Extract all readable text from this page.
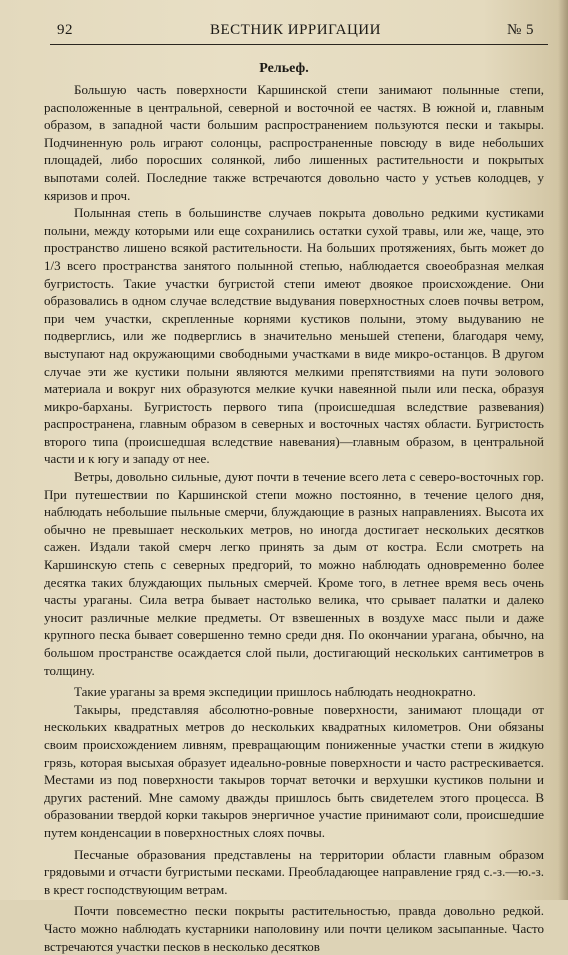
92	ВЕСТНИК ИРРИГАЦИИ	№ 5
Рельеф.

Большую часть поверхности Каршинской степи занимают полынные степи, расположенные в центральной, северной и восточной ее частях. В южной и, главным образом, в западной части большим распространением пользуются пески и такыры. Подчиненную роль играют солонцы, распространенные повсюду в виде небольших площадей, либо поросших солянкой, либо лишенных растительности и покрытых выпотами солей. Последние также встречаются довольно часто у устьев колодцев, у кяризов и проч.

Полынная степь в большинстве случаев покрыта довольно редкими кустиками полыни, между которыми или еще сохранились остатки сухой травы, или же, чаще, это пространство лишено всякой растительности. На больших протяжениях, быть может до 1/3 всего пространства занятого полынной степью, наблюдается своеобразная мелкая бугристость. Такие участки бугристой степи имеют двоякое происхождение. Они образовались в одном случае вследствие выдувания поверхностных слоев почвы ветром, при чем участки, скрепленные корнями кустиков полыни, этому выдуванию не подверглись, или же подверглись в значительно меньшей степени, благодаря чему, выступают над окружающими свободными участками в виде микро-останцов. В другом случае эти же кустики полыни являются мелкими препятствиями на пути эолового материала и вокруг них образуются мелкие кучки навеянной пыли или песка, образуя микро-барханы. Бугристость первого типа (происшедшая вследствие развевания) распространена, главным образом в северных и восточных частях области. Бугристость второго типа (происшедшая вследствие навевания)—главным образом, в центральной части и к югу и западу от нее.

Ветры, довольно сильные, дуют почти в течение всего лета с северо-восточных гор. При путешествии по Каршинской степи можно постоянно, в течение целого дня, наблюдать небольшие пыльные смерчи, блуждающие в разных направлениях. Высота их обычно не превышает нескольких метров, но иногда достигает нескольких десятков сажен. Издали такой смерч легко принять за дым от костра. Если смотреть на Каршинскую степь с северных предгорий, то можно наблюдать одновременно более десятка таких блуждающих пыльных смерчей. Кроме того, в летнее время весь очень часты ураганы. Сила ветра бывает настолько велика, что срывает палатки и далеко уносит различные мелкие предметы. От взвешенных в воздухе масс пыли и даже крупного песка бывает совершенно темно среди дня. По окончании урагана, обычно, на большом пространстве осаждается слой пыли, достигающий нескольких сантиметров в толщину.

Такие ураганы за время экспедиции пришлось наблюдать неоднократно.

Такыры, представляя абсолютно-ровные поверхности, занимают площади от нескольких квадратных метров до нескольких квадратных километров. Они обязаны своим происхождением ливням, превращающим пониженные участки степи в жидкую грязь, которая высыхая образует идеально-ровные поверхности и часто растрескивается. Местами из под поверхности такыров торчат веточки и верхушки кустиков полыни и других растений. Мне самому дважды пришлось быть свидетелем этого процесса. В образовании твердой корки такыров энергичное участие принимают соли, происшедшие путем конденсации в поверхностных слоях почвы.

Песчаные образования представлены на территории области главным образом грядовыми и отчасти бугристыми песками. Преобладающее направление гряд с.-з.—ю.-з. в крест господствующим ветрам.

Почти повсеместно пески покрыты растительностью, правда довольно редкой. Часто можно наблюдать кустарники наполовину или почти целиком засыпанные. Часто встречаются участки песков в несколько десятков
